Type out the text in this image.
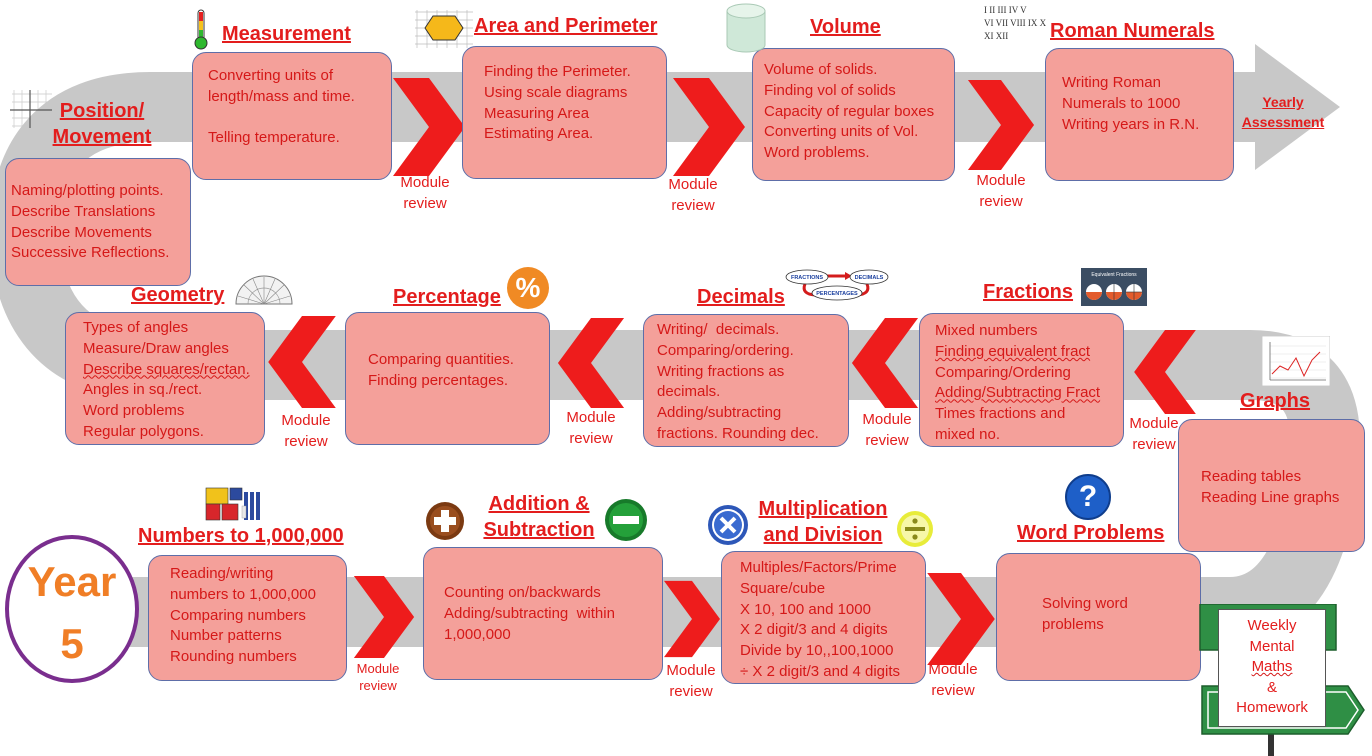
Position/
Movement
Naming/plotting points.
Describe Translations
Describe Movements
Successive Reflections.
Measurement
Converting units of
length/mass and time.
Telling temperature.
Module
review
Area and Perimeter
Finding the Perimeter.
Using scale diagrams
Measuring Area
Estimating Area.
Module
review
Volume
Volume of solids.
Finding vol of solids
Capacity of regular boxes
Converting units of Vol.
Word problems.
Module
review
I II III IV V
VI VII VIII IX X
XI XII	Roman Numerals
Writing Roman
Numerals to 1000
Writing years in R.N.
Yearly
Assessment
Geometry
Types of angles
Measure/Draw angles
Describe squares/rectan.
Angles in sq./rect.
Word problems
Regular polygons.
Module
review
Percentage %
Comparing quantities.
Finding percentages.
Module
review
Decimals
FRACTIONS	DECIMALS
PERCENTAGES
Writing/  decimals.
Comparing/ordering.
Writing fractions as
decimals.
Adding/subtracting
fractions. Rounding dec.
Module
review
Fractions
Equivalent Fractions
Mixed numbers
Finding equivalent fract
Comparing/Ordering
Adding/Subtracting Fract
Times fractions and
mixed no.
Module
review
Graphs
Reading tables
Reading Line graphs
Year
5
Numbers to 1,000,000
Reading/writing
numbers to 1,000,000
Comparing numbers
Number patterns
Rounding numbers
Module
review
Addition &
Subtraction
Counting on/backwards
Adding/subtracting  within
1,000,000
Module
review
Multiplication
and Division
Multiples/Factors/Prime
Square/cube
X 10, 100 and 1000
X 2 digit/3 and 4 digits
Divide by 10,,100,1000
÷ X 2 digit/3 and 4 digits	Module
review
?
Word Problems
Solving word
problems	Weekly
Mental
Maths
&
Homework
